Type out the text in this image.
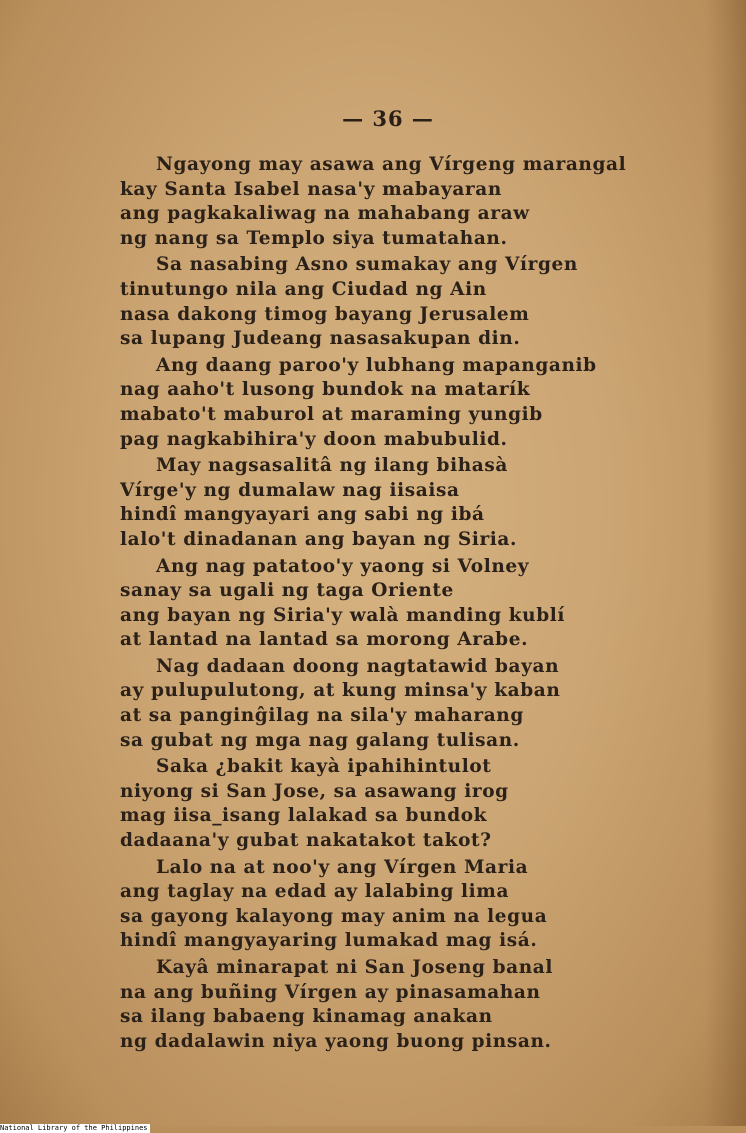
— 36 —
Ngayong may asawa ang Vírgeng marangal
kay Santa Isabel nasa'y mabayaran
ang pagkakaliwag na mahabang araw
ng nang sa Templo siya tumatahan.
Sa nasabing Asno sumakay ang Vírgen
tinutungo nila ang Ciudad ng Ain
nasa dakong timog bayang Jerusalem
sa lupang Judeang nasasakupan din.
Ang daang paroo'y lubhang mapanganib
nag aaho't lusong bundok na matarík
mabato't maburol at maraming yungib
pag nagkabihira'y doon mabubulid.
May nagsasalitâ ng ilang bihasà
Vírge'y ng dumalaw nag iisaisa
hindî mangyayari ang sabi ng ibá
lalo't dinadanan ang bayan ng Siria.
Ang nag patatoo'y yaong si Volney
sanay sa ugali ng taga Oriente
ang bayan ng Siria'y walà manding kublí
at lantad na lantad sa morong Arabe.
Nag dadaan doong nagtatawid bayan
ay pulupulutong, at kung minsa'y kaban
at sa panginĝilag na sila'y maharang
sa gubat ng mga nag galang tulisan.
Saka ¿bakit kayà ipahihintulot
niyong si San Jose, sa asawang irog
mag iisa_isang lalakad sa bundok
dadaana'y gubat nakatakot takot?
Lalo na at noo'y ang Vírgen Maria
ang taglay na edad ay lalabing lima
sa gayong kalayong may anim na legua
hindî mangyayaring lumakad mag isá.
Kayâ minarapat ni San Joseng banal
na ang buñing Vírgen ay pinasamahan
sa ilang babaeng kinamag anakan
ng dadalawin niya yaong buong pinsan.
National Library of the Philippines
